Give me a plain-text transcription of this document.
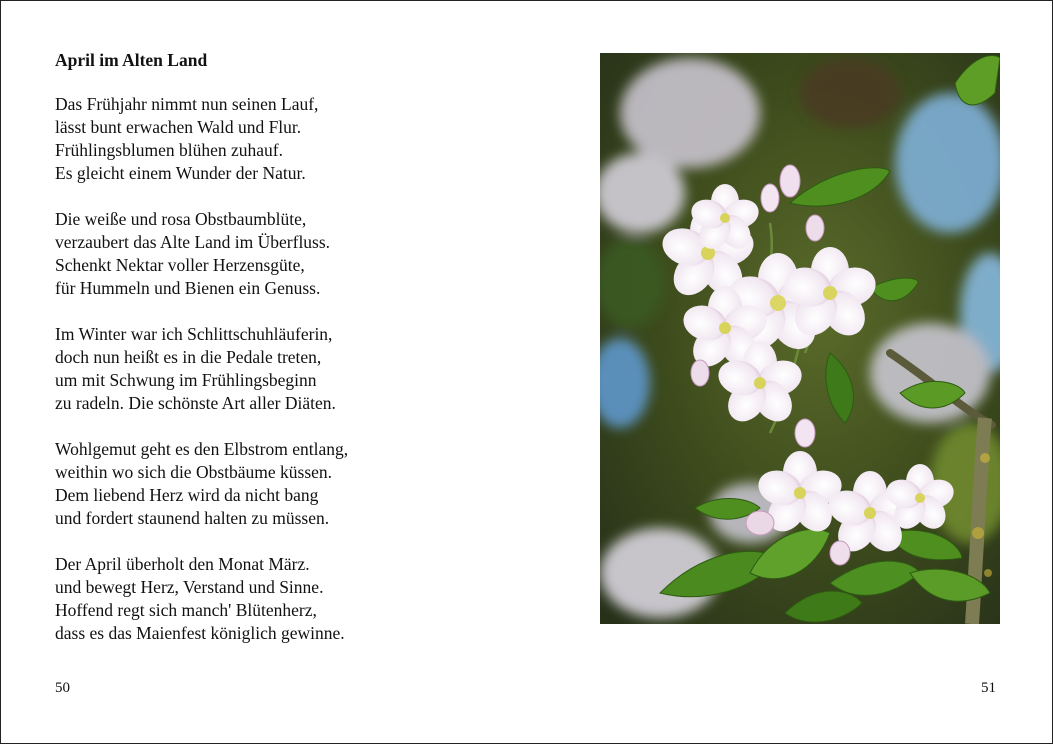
April im Alten Land
Das Frühjahr nimmt nun seinen Lauf,
lässt bunt erwachen Wald und Flur.
Frühlingsblumen blühen zuhauf.
Es gleicht einem Wunder der Natur.
Die weiße und rosa Obstbaumblüte,
verzaubert das Alte Land im Überfluss.
Schenkt Nektar voller Herzensgüte,
für Hummeln und Bienen ein Genuss.
Im Winter war ich Schlittschuhläuferin,
doch nun heißt es in die Pedale treten,
um mit Schwung im Frühlingsbeginn
zu radeln. Die schönste Art aller Diäten.
Wohlgemut geht es den Elbstrom entlang,
weithin wo sich die Obstbäume küssen.
Dem liebend Herz wird da nicht bang
und fordert staunend halten zu müssen.
Der April überholt den Monat März.
und bewegt Herz, Verstand und Sinne.
Hoffend regt sich manch' Blütenherz,
dass es das Maienfest königlich gewinne.
50	51
